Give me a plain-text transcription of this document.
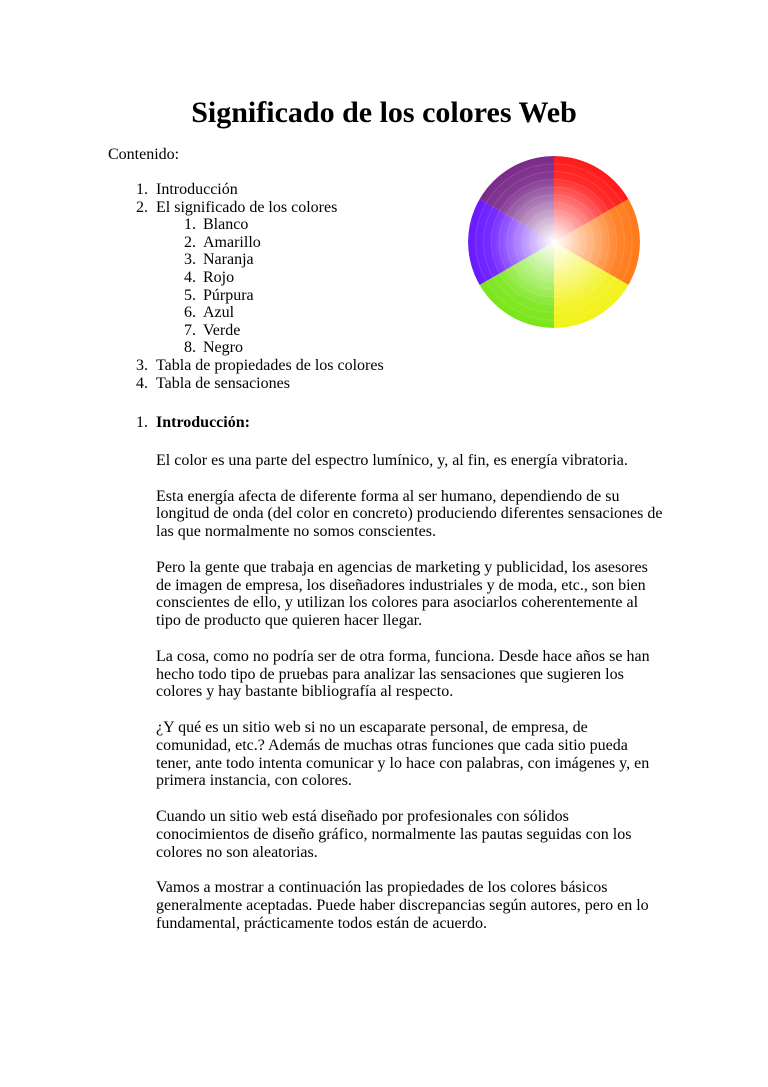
Significado de los colores Web

Contenido:

1. Introducción
2. El significado de los colores
1. Blanco
2. Amarillo
3. Naranja
4. Rojo
5. Púrpura
6. Azul
7. Verde
8. Negro
3. Tabla de propiedades de los colores
4. Tabla de sensaciones
1. Introducción:

El color es una parte del espectro lumínico, y, al fin, es energía vibratoria.

Esta energía afecta de diferente forma al ser humano, dependiendo de su longitud de onda (del color en concreto) produciendo diferentes sensaciones de las que normalmente no somos conscientes.

Pero la gente que trabaja en agencias de marketing y publicidad, los asesores de imagen de empresa, los diseñadores industriales y de moda, etc., son bien conscientes de ello, y utilizan los colores para asociarlos coherentemente al tipo de producto que quieren hacer llegar.

La cosa, como no podría ser de otra forma, funciona. Desde hace años se han hecho todo tipo de pruebas para analizar las sensaciones que sugieren los colores y hay bastante bibliografía al respecto.

¿Y qué es un sitio web si no un escaparate personal, de empresa, de comunidad, etc.? Además de muchas otras funciones que cada sitio pueda tener, ante todo intenta comunicar y lo hace con palabras, con imágenes y, en primera instancia, con colores.

Cuando un sitio web está diseñado por profesionales con sólidos conocimientos de diseño gráfico, normalmente las pautas seguidas con los colores no son aleatorias.

Vamos a mostrar a continuación las propiedades de los colores básicos generalmente aceptadas. Puede haber discrepancias según autores, pero en lo fundamental, prácticamente todos están de acuerdo.
